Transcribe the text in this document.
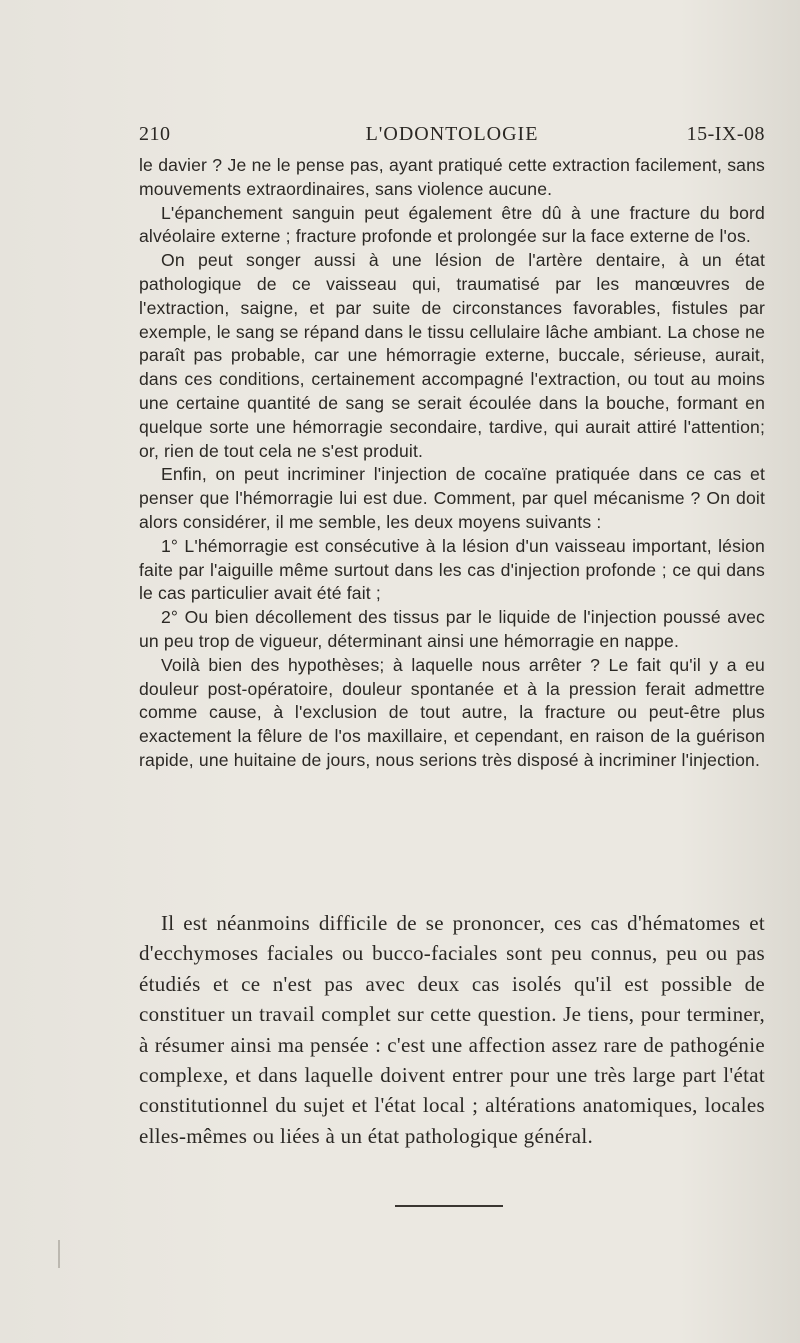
210	L'ODONTOLOGIE	15-IX-08

le davier ? Je ne le pense pas, ayant pratiqué cette extraction facilement, sans mouvements extraordinaires, sans violence aucune.

L'épanchement sanguin peut également être dû à une fracture du bord alvéolaire externe ; fracture profonde et prolongée sur la face externe de l'os.

On peut songer aussi à une lésion de l'artère dentaire, à un état pathologique de ce vaisseau qui, traumatisé par les manœuvres de l'extraction, saigne, et par suite de circonstances favorables, fistules par exemple, le sang se répand dans le tissu cellulaire lâche ambiant. La chose ne paraît pas probable, car une hémorragie externe, buccale, sérieuse, aurait, dans ces conditions, certainement accompagné l'extraction, ou tout au moins une certaine quantité de sang se serait écoulée dans la bouche, formant en quelque sorte une hémorragie secondaire, tardive, qui aurait attiré l'attention; or, rien de tout cela ne s'est produit.

Enfin, on peut incriminer l'injection de cocaïne pratiquée dans ce cas et penser que l'hémorragie lui est due. Comment, par quel mécanisme ? On doit alors considérer, il me semble, les deux moyens suivants :

1° L'hémorragie est consécutive à la lésion d'un vaisseau important, lésion faite par l'aiguille même surtout dans les cas d'injection profonde ; ce qui dans le cas particulier avait été fait ;

2° Ou bien décollement des tissus par le liquide de l'injection poussé avec un peu trop de vigueur, déterminant ainsi une hémorragie en nappe.

Voilà bien des hypothèses; à laquelle nous arrêter ? Le fait qu'il y a eu douleur post-opératoire, douleur spontanée et à la pression ferait admettre comme cause, à l'exclusion de tout autre, la fracture ou peut-être plus exactement la fêlure de l'os maxillaire, et cependant, en raison de la guérison rapide, une huitaine de jours, nous serions très disposé à incriminer l'injection.

Il est néanmoins difficile de se prononcer, ces cas d'hématomes et d'ecchymoses faciales ou bucco-faciales sont peu connus, peu ou pas étudiés et ce n'est pas avec deux cas isolés qu'il est possible de constituer un travail complet sur cette question. Je tiens, pour terminer, à résumer ainsi ma pensée : c'est une affection assez rare de pathogénie complexe, et dans laquelle doivent entrer pour une très large part l'état constitutionnel du sujet et l'état local ; altérations anatomiques, locales elles-mêmes ou liées à un état pathologique général.
